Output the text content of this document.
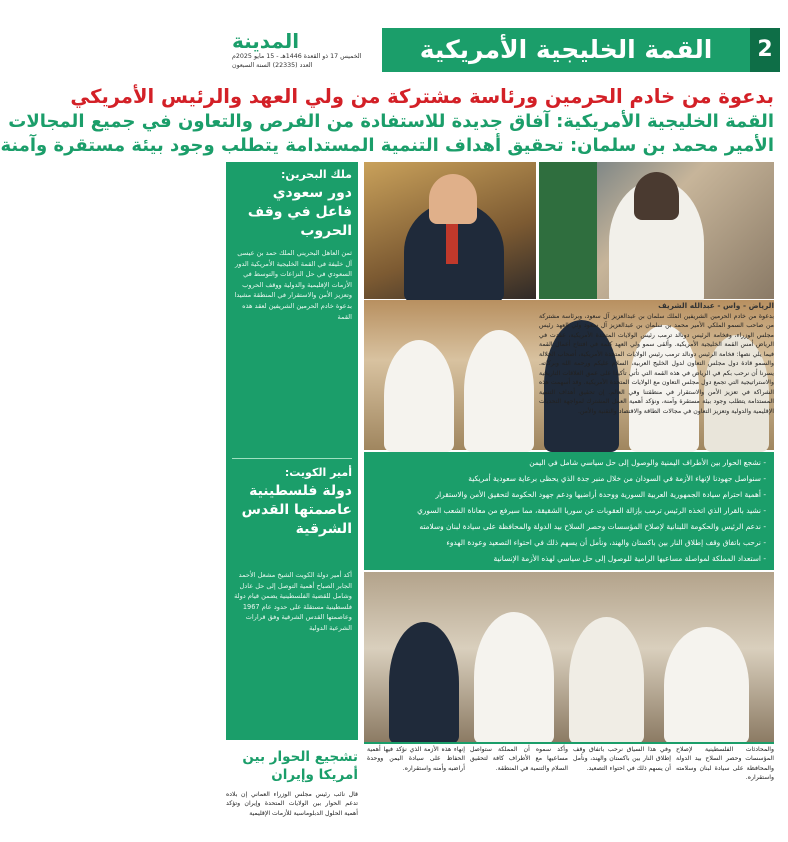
القمة الخليجية الأمريكية	2
المدينة
الخميس 17 ذو القعدة 1446هـ - 15 مايو 2025م
العدد (22335) السنة السبعون
بدعوة من خادم الحرمين ورئاسة مشتركة من ولي العهد والرئيس الأمريكي
القمة الخليجية الأمريكية: آفاق جديدة للاستفادة من الفرص والتعاون في جميع المجالات
الأمير محمد بن سلمان: تحقيق أهداف التنمية المستدامة يتطلب وجود بيئة مستقرة وآمنة
ملك البحرين:
دور سعودي فاعل في وقف الحروب
ثمن العاهل البحريني الملك حمد بن عيسى آل خليفة في القمة الخليجية الأمريكية الدور السعودي في حل النزاعات والتوسط في الأزمات الإقليمية والدولية ووقف الحروب وتعزيز الأمن والاستقرار في المنطقة مشيدا بدعوة خادم الحرمين الشريفين لعقد هذه القمة
أمير الكويت:
دولة فلسطينية عاصمتها القدس الشرقية
أكد أمير دولة الكويت الشيخ مشعل الأحمد الجابر الصباح أهمية التوصل إلى حل عادل وشامل للقضية الفلسطينية يضمن قيام دولة فلسطينية مستقلة على حدود عام 1967 وعاصمتها القدس الشرقية وفق قرارات الشرعية الدولية
تشجيع الحوار بين أمريكا وإيران
قال نائب رئيس مجلس الوزراء العماني إن بلاده تدعم الحوار بين الولايات المتحدة وإيران وتؤكد أهمية الحلول الدبلوماسية للأزمات الإقليمية
الرياض - واس - عبدالله الشريف
بدعوة من خادم الحرمين الشريفين الملك سلمان بن عبدالعزيز آل سعود، وبرئاسة مشتركة من صاحب السمو الملكي الأمير محمد بن سلمان بن عبدالعزيز آل سعود ولي العهد رئيس مجلس الوزراء، وفخامة الرئيس دونالد ترمب رئيس الولايات المتحدة الأمريكية، عقدت في الرياض أمس القمة الخليجية الأمريكية. وألقى سمو ولي العهد كلمة في افتتاح أعمال القمة فيما يلي نصها: فخامة الرئيس دونالد ترمب رئيس الولايات المتحدة الأمريكية، أصحاب الجلالة والسمو قادة دول مجلس التعاون لدول الخليج العربية، السلام عليكم ورحمة الله وبركاته. يسرنا أن نرحب بكم في الرياض في هذه القمة التي تأتي تأكيدا على عمق العلاقات التاريخية والاستراتيجية التي تجمع دول مجلس التعاون مع الولايات المتحدة الأمريكية. وقد أسهمت هذه الشراكة في تعزيز الأمن والاستقرار في منطقتنا وفي العالم. إن تحقيق أهداف التنمية المستدامة يتطلب وجود بيئة مستقرة وآمنة، ونؤكد أهمية العمل المشترك لمواجهة التحديات الإقليمية والدولية وتعزيز التعاون في مجالات الطاقة والاقتصاد والتقنية والأمن.
- نشجع الحوار بين الأطراف اليمنية والوصول إلى حل سياسي شامل في اليمن
- سنواصل جهودنا لإنهاء الأزمة في السودان من خلال منبر جدة الذي يحظى برعاية سعودية أمريكية
- أهمية احترام سيادة الجمهورية العربية السورية ووحدة أراضيها ودعم جهود الحكومة لتحقيق الأمن والاستقرار
- نشيد بالقرار الذي اتخذه الرئيس ترمب بإزالة العقوبات عن سوريا الشقيقة، مما سيرفع من معاناة الشعب السوري
- ندعم الرئيس والحكومة اللبنانية لإصلاح المؤسسات وحصر السلاح بيد الدولة والمحافظة على سيادة لبنان وسلامته
- نرحب باتفاق وقف إطلاق النار بين باكستان والهند، ونأمل أن يسهم ذلك في احتواء التصعيد وعودة الهدوء
- استعداد المملكة لمواصلة مساعيها الرامية للوصول إلى حل سياسي لهذه الأزمة الإنسانية
والمحادثات الفلسطينية لإصلاح المؤسسات وحصر السلاح بيد الدولة والمحافظة على سيادة لبنان وسلامته واستقراره.
وفي هذا السياق نرحب باتفاق وقف إطلاق النار بين باكستان والهند، ونأمل أن يسهم ذلك في احتواء التصعيد.
وأكد سموه أن المملكة ستواصل مساعيها مع الأطراف كافة لتحقيق السلام والتنمية في المنطقة.
إنهاء هذه الأزمة الذي نؤكد فيها أهمية الحفاظ على سيادة اليمن ووحدة أراضيه وأمنه واستقراره.
